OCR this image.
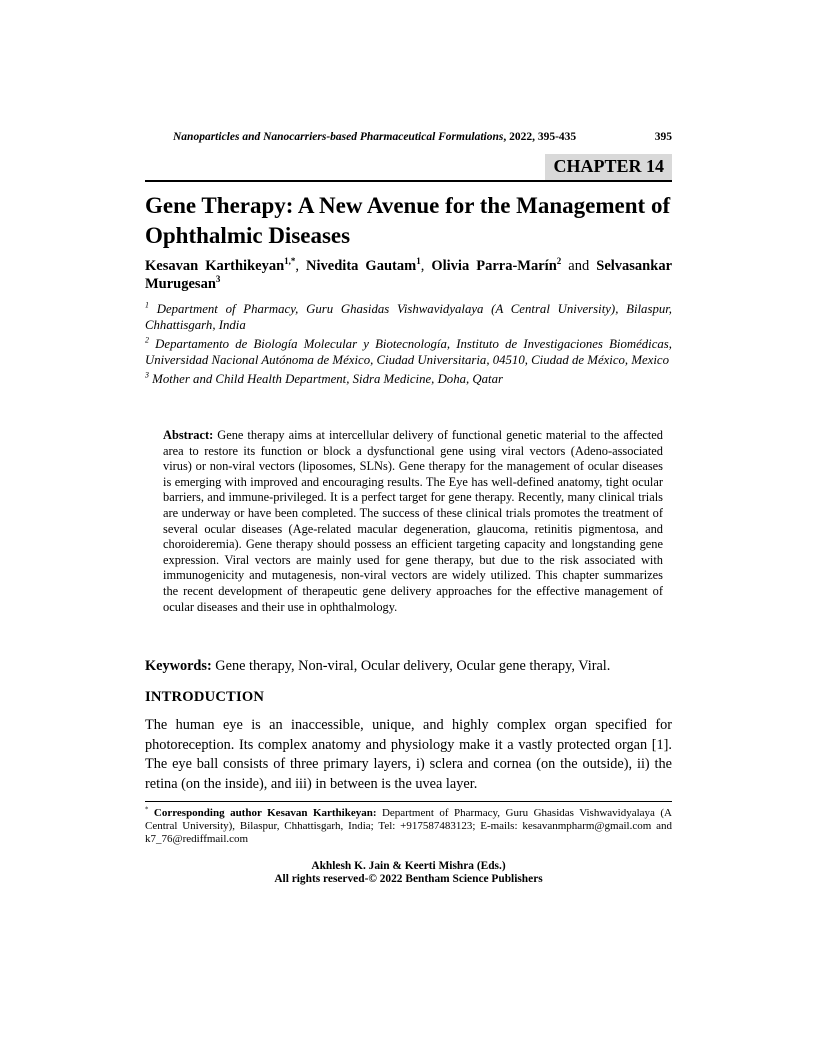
Nanoparticles and Nanocarriers-based Pharmaceutical Formulations, 2022, 395-435	395
CHAPTER 14
Gene Therapy: A New Avenue for the Management of Ophthalmic Diseases
Kesavan Karthikeyan$^{1,*}$, Nivedita Gautam$^1$, Olivia Parra-Marín$^2$ and Selvasankar Murugesan$^3$

$^1$ Department of Pharmacy, Guru Ghasidas Vishwavidyalaya (A Central University), Bilaspur, Chhattisgarh, India

$^2$ Departamento de Biología Molecular y Biotecnología, Instituto de Investigaciones Biomédicas, Universidad Nacional Autónoma de México, Ciudad Universitaria, 04510, Ciudad de México, Mexico

$^3$ Mother and Child Health Department, Sidra Medicine, Doha, Qatar

Abstract: Gene therapy aims at intercellular delivery of functional genetic material to the affected area to restore its function or block a dysfunctional gene using viral vectors (Adeno-associated virus) or non-viral vectors (liposomes, SLNs). Gene therapy for the management of ocular diseases is emerging with improved and encouraging results. The Eye has well-defined anatomy, tight ocular barriers, and immune-privileged. It is a perfect target for gene therapy. Recently, many clinical trials are underway or have been completed. The success of these clinical trials promotes the treatment of several ocular diseases (Age-related macular degeneration, glaucoma, retinitis pigmentosa, and choroideremia). Gene therapy should possess an efficient targeting capacity and longstanding gene expression. Viral vectors are mainly used for gene therapy, but due to the risk associated with immunogenicity and mutagenesis, non-viral vectors are widely utilized. This chapter summarizes the recent development of therapeutic gene delivery approaches for the effective management of ocular diseases and their use in ophthalmology.

Keywords: Gene therapy, Non-viral, Ocular delivery, Ocular gene therapy, Viral.

INTRODUCTION

The human eye is an inaccessible, unique, and highly complex organ specified for photoreception. Its complex anatomy and physiology make it a vastly protected organ [1]. The eye ball consists of three primary layers, i) sclera and cornea (on the outside), ii) the retina (on the inside), and iii) in between is the uvea layer.

* Corresponding author Kesavan Karthikeyan: Department of Pharmacy, Guru Ghasidas Vishwavidyalaya (A Central University), Bilaspur, Chhattisgarh, India; Tel: +917587483123; E-mails: kesavanmpharm@gmail.com and k7_76@rediffmail.com
Akhlesh K. Jain & Keerti Mishra (Eds.)
All rights reserved-© 2022 Bentham Science Publishers
